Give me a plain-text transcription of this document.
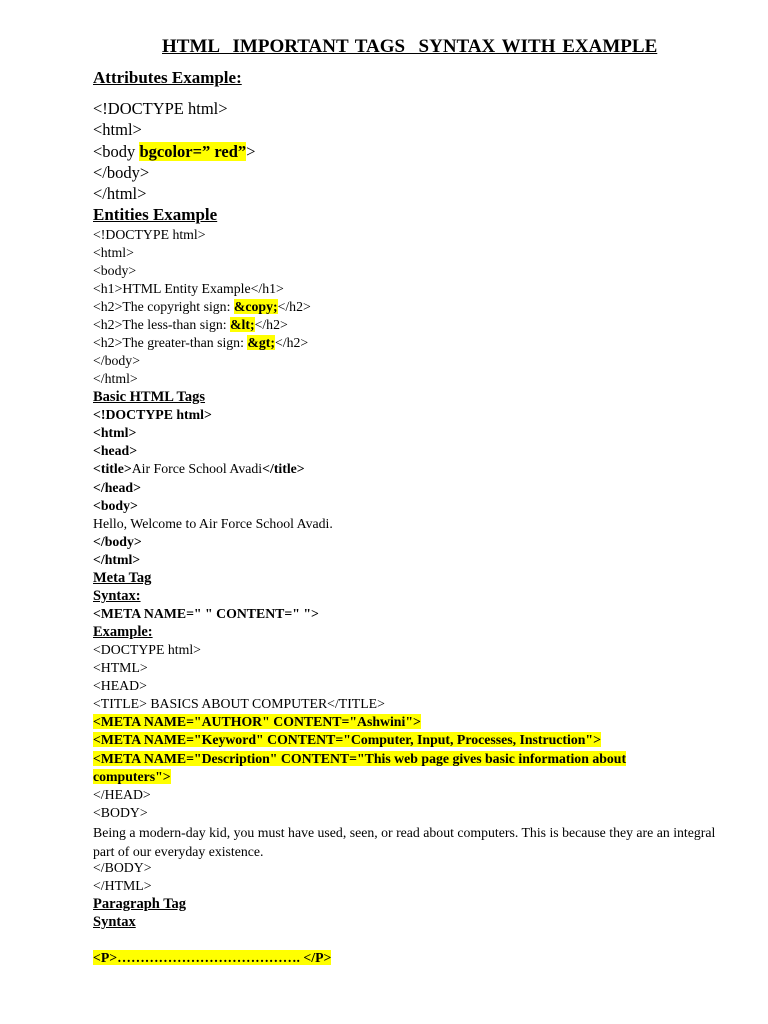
HTML  IMPORTANT TAGS  SYNTAX WITH EXAMPLE
Attributes Example:
<!DOCTYPE html>
<html>
<body bgcolor=” red”>
</body>
</html>
Entities Example
<!DOCTYPE html>
<html>
<body>
<h1>HTML Entity Example</h1>
<h2>The copyright sign: &copy;</h2>
<h2>The less-than sign: &lt;</h2>
<h2>The greater-than sign: &gt;</h2>
</body>
</html>
Basic HTML Tags
<!DOCTYPE html>
<html>
<head>
<title>Air Force School Avadi</title>
</head>
<body>
Hello, Welcome to Air Force School Avadi.
</body>
</html>
Meta Tag
Syntax:
<META NAME=" " CONTENT=" ">
Example:
<DOCTYPE html>
<HTML>
<HEAD>
<TITLE> BASICS ABOUT COMPUTER</TITLE>
<META NAME="AUTHOR" CONTENT="Ashwini">
<META NAME="Keyword" CONTENT="Computer, Input, Processes, Instruction">
<META NAME="Description" CONTENT="This web page gives basic information about
computers">
</HEAD>
<BODY>
Being a modern-day kid, you must have used, seen, or read about computers. This is because they are an integral part of our everyday existence.
</BODY>
</HTML>
Paragraph Tag
Syntax
<P>…………………………………. </P>
